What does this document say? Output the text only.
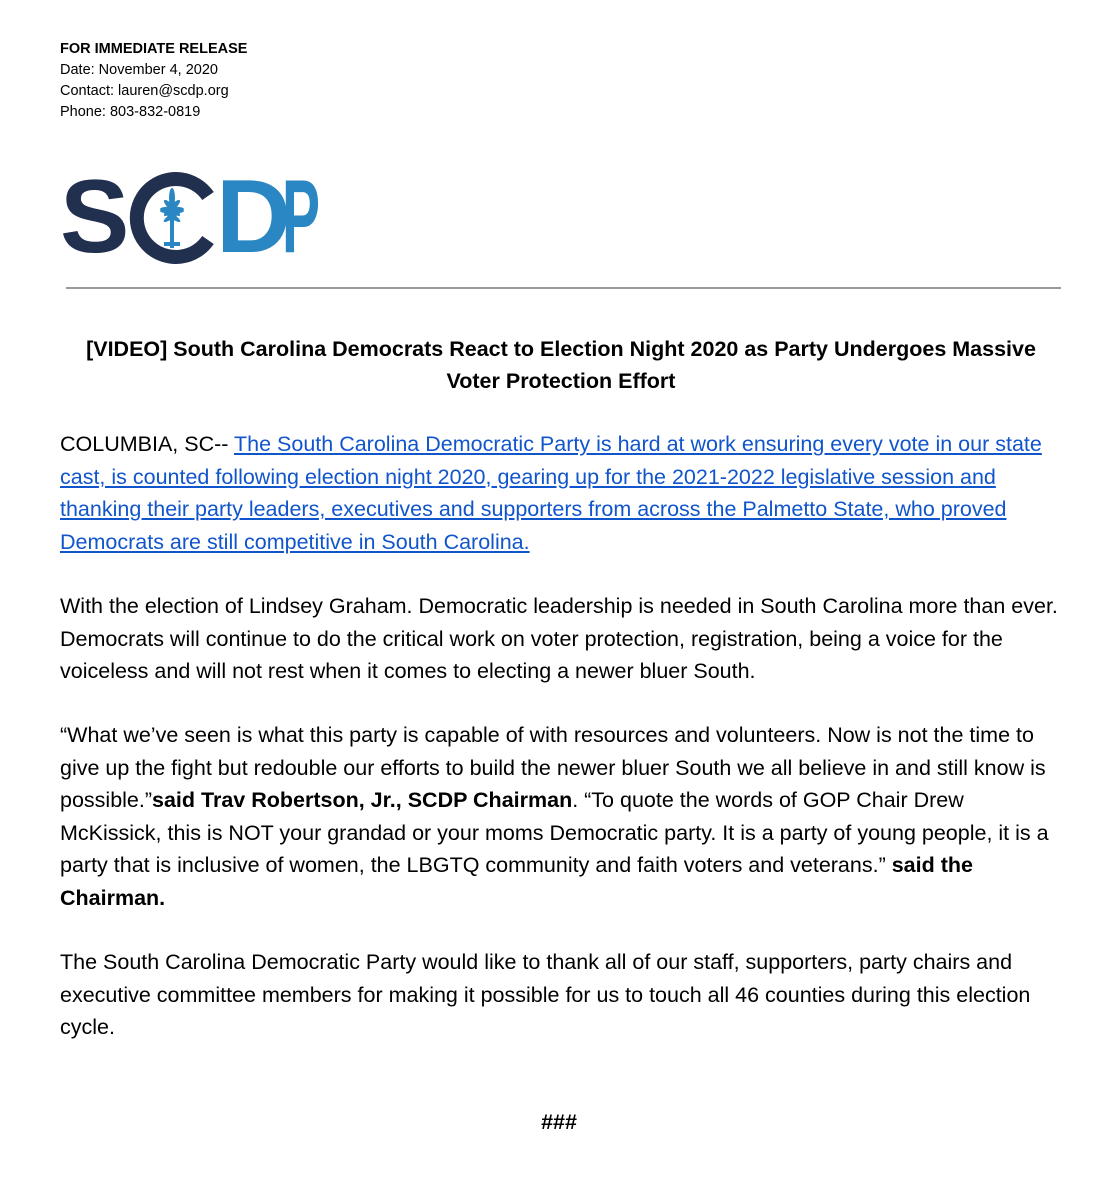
FOR IMMEDIATE RELEASE
Date: November 4, 2020
Contact: lauren@scdp.org
Phone: 803-832-0819
S D
P
[VIDEO] South Carolina Democrats React to Election Night 2020 as Party Undergoes Massive Voter Protection Effort
COLUMBIA, SC-- The South Carolina Democratic Party is hard at work ensuring every vote in our state cast, is counted following election night 2020, gearing up for the 2021-2022 legislative session and thanking their party leaders, executives and supporters from across the Palmetto State, who proved Democrats are still competitive in South Carolina.
With the election of Lindsey Graham. Democratic leadership is needed in South Carolina more than ever. Democrats will continue to do the critical work on voter protection, registration, being a voice for the voiceless and will not rest when it comes to electing a newer bluer South.
“What we’ve seen is what this party is capable of with resources and volunteers. Now is not the time to give up the fight but redouble our efforts to build the newer bluer South we all believe in and still know is possible.”said Trav Robertson, Jr., SCDP Chairman. “To quote the words of GOP Chair Drew McKissick, this is NOT your grandad or your moms Democratic party. It is a party of young people, it is a party that is inclusive of women, the LBGTQ community and faith voters and veterans.” said the Chairman.
The South Carolina Democratic Party would like to thank all of our staff, supporters, party chairs and executive committee members for making it possible for us to touch all 46 counties during this election cycle.
###
